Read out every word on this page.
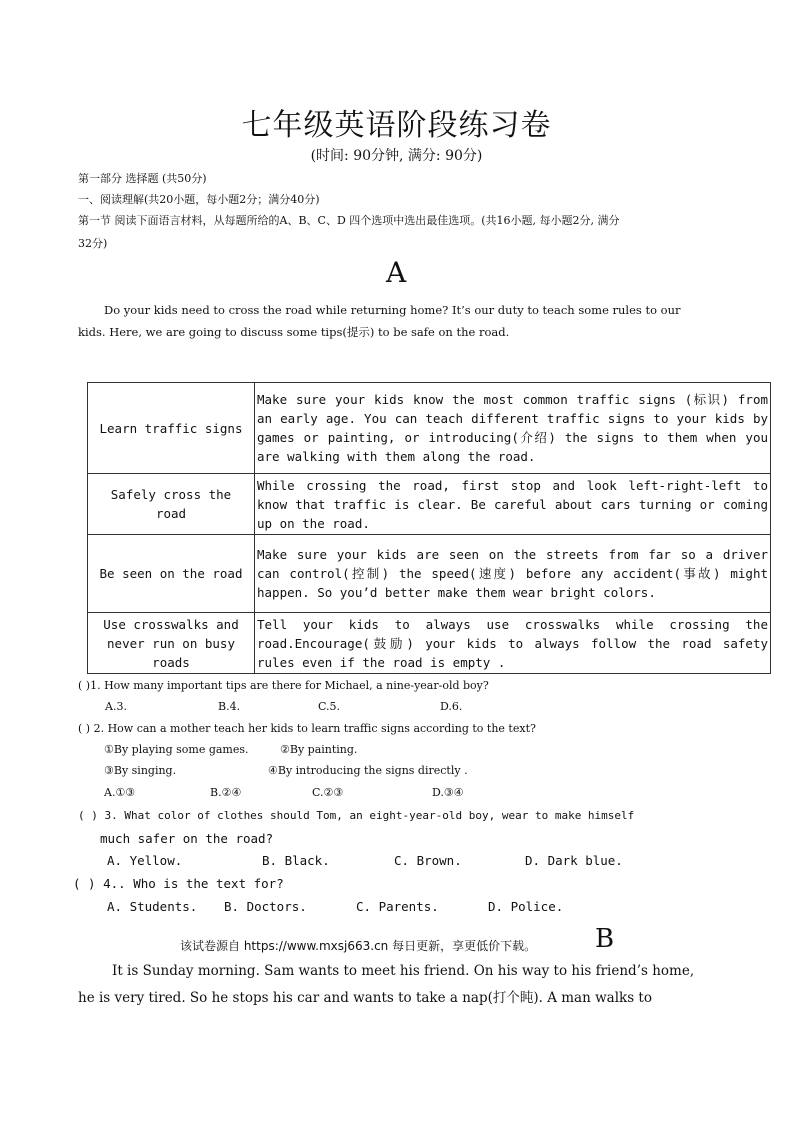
七年级英语阶段练习卷
(时间: 90分钟, 满分: 90分)
第一部分 选择题 (共50分)
一、阅读理解(共20小题，每小题2分；满分40分)
第一节 阅读下面语言材料，从每题所给的A、B、C、D 四个选项中选出最佳选项。(共16小题, 每小题2分, 满分
32分)
A
Do your kids need to cross the road while returning home? It’s our duty to teach some rules to our
kids. Here, we are going to discuss some tips(提示) to be safe on the road.
Learn traffic signs	Make sure your kids know the most common traffic signs (标识) from an early age. You can teach different traffic signs to your kids by games or painting, or introducing(介绍) the signs to them when you are walking with them along the road.
Safely cross the road	While crossing the road, first stop and look left-right-left to know that traffic is clear. Be careful about cars turning or coming up on the road.
Be seen on the road	Make sure your kids are seen on the streets from far so a driver can control(控制) the speed(速度) before any accident(事故) might happen. So you’d better make them wear bright colors.
Use crosswalks and never run on busy roads	Tell your kids to always use crosswalks while crossing the road.Encourage(鼓励) your kids to always follow the road safety rules even if the road is empty .
( )1. How many important tips are there for Michael, a nine-year-old boy?
A.3.	B.4.	C.5.	D.6.
( ) 2. How can a mother teach her kids to learn traffic signs according to the text?
①By playing some games.	②By painting.
③By singing.	④By introducing the signs directly .
A.①③	B.②④	C.②③	D.③④
( ) 3. What color of clothes should Tom, an eight-year-old boy, wear to make himself
much safer on the road?
A. Yellow.	B. Black.	C. Brown.	D. Dark blue.
( ) 4.. Who is the text for?
A. Students. B. Doctors.	C. Parents.	D. Police.
该试卷源自 https://www.mxsj663.cn 每日更新，享更低价下载。 B
It is Sunday morning. Sam wants to meet his friend. On his way to his friend’s home,
he is very tired. So he stops his car and wants to take a nap(打个盹). A man walks to
